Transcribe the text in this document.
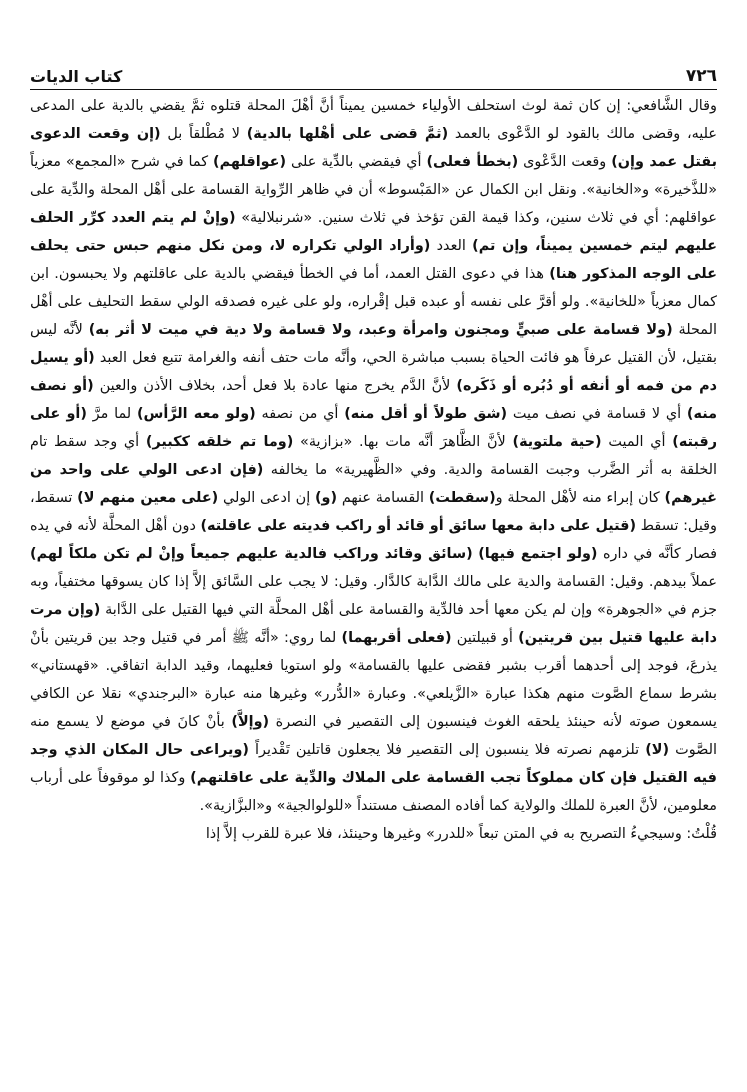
٧٢٦
كتاب الديات

وقال الشَّافعي: إن كان ثمة لوث استحلف الأولياء خمسين يميناً أنَّ أهْلَ المحلة قتلوه ثمَّ يقضي بالدية على المدعى عليه، وقضى مالك بالقود لو الدَّعْوى بالعمد (ثمَّ قضى على أهْلها بالدية) لا مُطْلقاً بل (إن وقعت الدعوى بقتل عمد وإن) وقعت الدَّعْوى (بخطأ فعلى) أي فيقضي بالدِّية على (عواقلهم) كما في شرح «المجمع» معزياً «للذَّخيرة» و«الخانية». ونقل ابن الكمال عن «المَبْسوط» أن في ظاهر الرِّواية القسامة على أهْل المحلة والدِّية على عواقلهم: أي في ثلاث سنين، وكذا قيمة القن تؤخذ في ثلاث سنين. «شرنبلالية» (وإنْ لم يتم العدد كرِّر الحلف عليهم ليتم خمسين يميناً، وإن تم) العدد (وأراد الولي تكراره لا، ومن نكل منهم حبس حتى يحلف على الوجه المذكور هنا) هذا في دعوى القتل العمد، أما في الخطأ فيقضي بالدية على عاقلتهم ولا يحبسون. ابن كمال معزياً «للخانية». ولو أقرَّ على نفسه أو عبده قبل إقْراره، ولو على غيره فصدقه الولي سقط التحليف على أهْل المحلة (ولا قسامة على صبيٍّ ومجنون وامرأة وعبد، ولا قسامة ولا دية في ميت لا أثر به) لأنَّه ليس بقتيل، لأن القتيل عرفاً هو فائت الحياة بسبب مباشرة الحي، وأنَّه مات حتف أنفه والغرامة تتبع فعل العبد (أو يسيل دم من فمه أو أنفه أو دُبُره أو ذَكَره) لأنَّ الدَّم يخرج منها عادة بلا فعل أحد، بخلاف الأذن والعين (أو نصف منه) أي لا قسامة في نصف ميت (شق طولاً أو أقل منه) أي من نصفه (ولو معه الرَّأس) لما مرَّ (أو على رقبته) أي الميت (حية ملتوية) لأنَّ الظَّاهرَ أنَّه مات بها. «بزازية» (وما تم خلقه ككبير) أي وجد سقط تام الخلقة به أثر الضَّرب وجبت القسامة والدية. وفي «الظَّهيرية» ما يخالفه (فإن ادعى الولي على واحد من غيرهم) كان إبراء منه لأهْل المحلة و(سقطت) القسامة عنهم (و) إن ادعى الولي (على معين منهم لا) تسقط، وقيل: تسقط (قتيل على دابة معها سائق أو قائد أو راكب فديته على عاقلته) دون أهْل المحلَّة لأنه في يده فصار كأنَّه في داره (ولو اجتمع فيها) (سائق وقائد وراكب فالدية عليهم جميعاً وإنْ لم تكن ملكاً لهم) عملاً بيدهم. وقيل: القسامة والدية على مالك الدَّابة كالدَّار. وقيل: لا يجب على السَّائق إلاَّ إذا كان يسوقها مختفياً، وبه جزم في «الجوهرة» وإن لم يكن معها أحد فالدِّية والقسامة على أهْل المحلَّة التي فيها القتيل على الدَّابة (وإن مرت دابة عليها قتيل بين قريتين) أو قبيلتين (فعلى أقربهما) لما روي: «أنَّه ﷺ أمر في قتيل وجد بين قريتين بأنْ يذرعَ، فوجد إلى أحدهما أقرب بشبر فقضى عليها بالقسامة» ولو استويا فعليهما، وقيد الدابة اتفاقي. «قهستاني» بشرط سماع الصَّوت منهم هكذا عبارة «الزَّيلعي». وعبارة «الدُّرر» وغيرها منه عبارة «البرجندي» نقلا عن الكافي يسمعون صوته لأنه حينئذ يلحقه الغوث فينسبون إلى التقصير في النصرة (وإلاَّ) بأنْ كانَ في موضع لا يسمع منه الصَّوت (لا) تلزمهم نصرته فلا ينسبون إلى التقصير فلا يجعلون قاتلين تَقْديراً (ويراعى حال المكان الذي وجد فيه القتيل فإن كان مملوكاً تجب القسامة على الملاك والدِّية على عاقلتهم) وكذا لو موقوفاً على أرباب معلومين، لأنَّ العبرة للملك والولاية كما أفاده المصنف مستنداً «للولوالجية» و«البزَّازية».

قُلْتُ: وسيجيءُ التصريح به في المتن تبعاً «للدرر» وغيرها وحينئذ، فلا عبرة للقرب إلاَّ إذا
